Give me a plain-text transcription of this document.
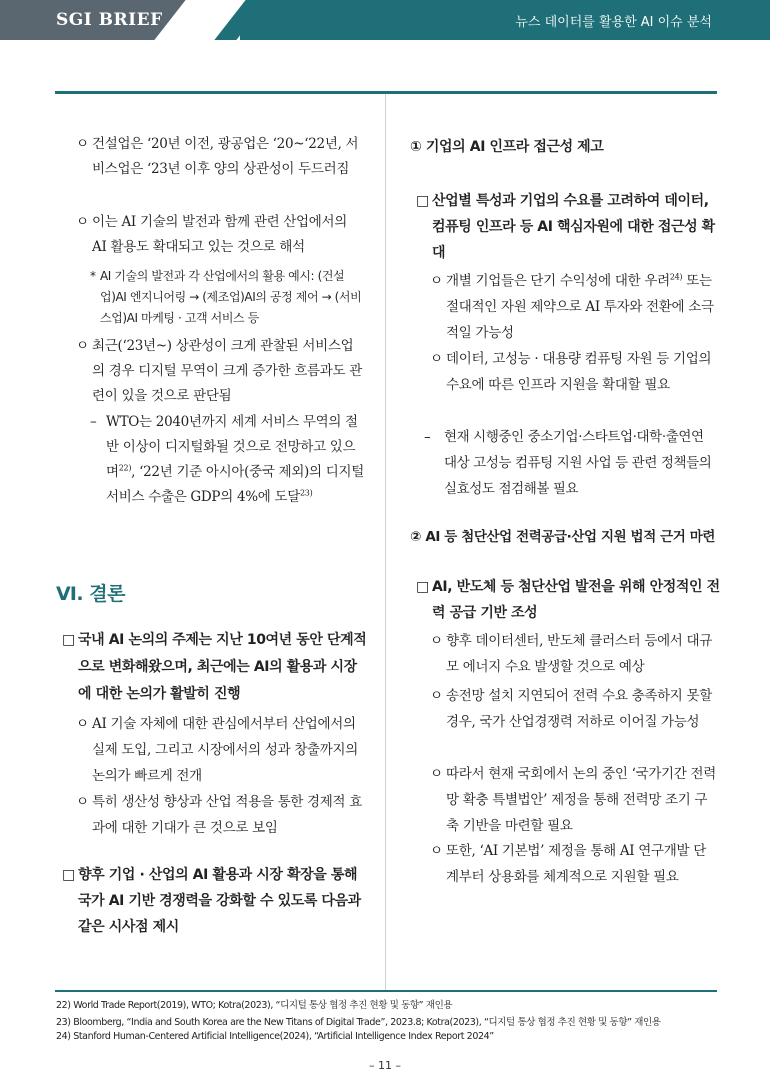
SGI BRIEF	뉴스 데이터를 활용한 AI 이슈 분석
ㅇ 건설업은 ‘20년 이전, 광공업은 ‘20~‘22년, 서비스업은 ‘23년 이후 양의 상관성이 두드러짐
ㅇ 이는 AI 기술의 발전과 함께 관련 산업에서의 AI 활용도 확대되고 있는 것으로 해석
* AI 기술의 발전과 각 산업에서의 활용 예시: (건설업)AI 엔지니어링 → (제조업)AI의 공정 제어 → (서비스업)AI 마케팅 · 고객 서비스 등
ㅇ 최근(‘23년~) 상관성이 크게 관찰된 서비스업의 경우 디지털 무역이 크게 증가한 흐름과도 관련이 있을 것으로 판단됨
– WTO는 2040년까지 세계 서비스 무역의 절반 이상이 디지털화될 것으로 전망하고 있으며$^{22)}$, ‘22년 기준 아시아(중국 제외)의 디지털 서비스 수출은 GDP의 4%에 도달$^{23)}$
Ⅵ. 결론
□ 국내 AI 논의의 주제는 지난 10여년 동안 단계적으로 변화해왔으며, 최근에는 AI의 활용과 시장에 대한 논의가 활발히 진행
ㅇ AI 기술 자체에 대한 관심에서부터 산업에서의 실제 도입, 그리고 시장에서의 성과 창출까지의 논의가 빠르게 전개
ㅇ 특히 생산성 향상과 산업 적용을 통한 경제적 효과에 대한 기대가 큰 것으로 보임
□ 향후 기업 · 산업의 AI 활용과 시장 확장을 통해 국가 AI 기반 경쟁력을 강화할 수 있도록 다음과 같은 시사점 제시
① 기업의 AI 인프라 접근성 제고
□ 산업별 특성과 기업의 수요를 고려하여 데이터, 컴퓨팅 인프라 등 AI 핵심자원에 대한 접근성 확대
ㅇ 개별 기업들은 단기 수익성에 대한 우려$^{24)}$ 또는 절대적인 자원 제약으로 AI 투자와 전환에 소극적일 가능성
ㅇ 데이터, 고성능 · 대용량 컴퓨팅 자원 등 기업의 수요에 따른 인프라 지원을 확대할 필요
–	현재 시행중인 중소기업·스타트업·대학·출연연 대상 고성능 컴퓨팅 지원 사업 등 관련 정책들의 실효성도 점검해볼 필요
② AI 등 첨단산업 전력공급·산업 지원 법적 근거 마련
□ AI, 반도체 등 첨단산업 발전을 위해 안정적인 전력 공급 기반 조성
ㅇ 향후 데이터센터, 반도체 클러스터 등에서 대규모 에너지 수요 발생할 것으로 예상
ㅇ 송전망 설치 지연되어 전력 수요 충족하지 못할 경우, 국가 산업경쟁력 저하로 이어질 가능성
ㅇ 따라서 현재 국회에서 논의 중인 ‘국가기간 전력망 확충 특별법안’ 제정을 통해 전력망 조기 구축 기반을 마련할 필요
ㅇ 또한, ‘AI 기본법’ 제정을 통해 AI 연구개발 단계부터 상용화를 체계적으로 지원할 필요
22) World Trade Report(2019), WTO; Kotra(2023), “디지털 통상 협정 추진 현황 및 동향” 재인용
23) Bloomberg, “India and South Korea are the New Titans of Digital Trade”, 2023.8; Kotra(2023), “디지털 통상 협정 추진 현황 및 동향” 재인용
24) Stanford Human-Centered Artificial Intelligence(2024), “Artificial Intelligence Index Report 2024”
– 11 –
